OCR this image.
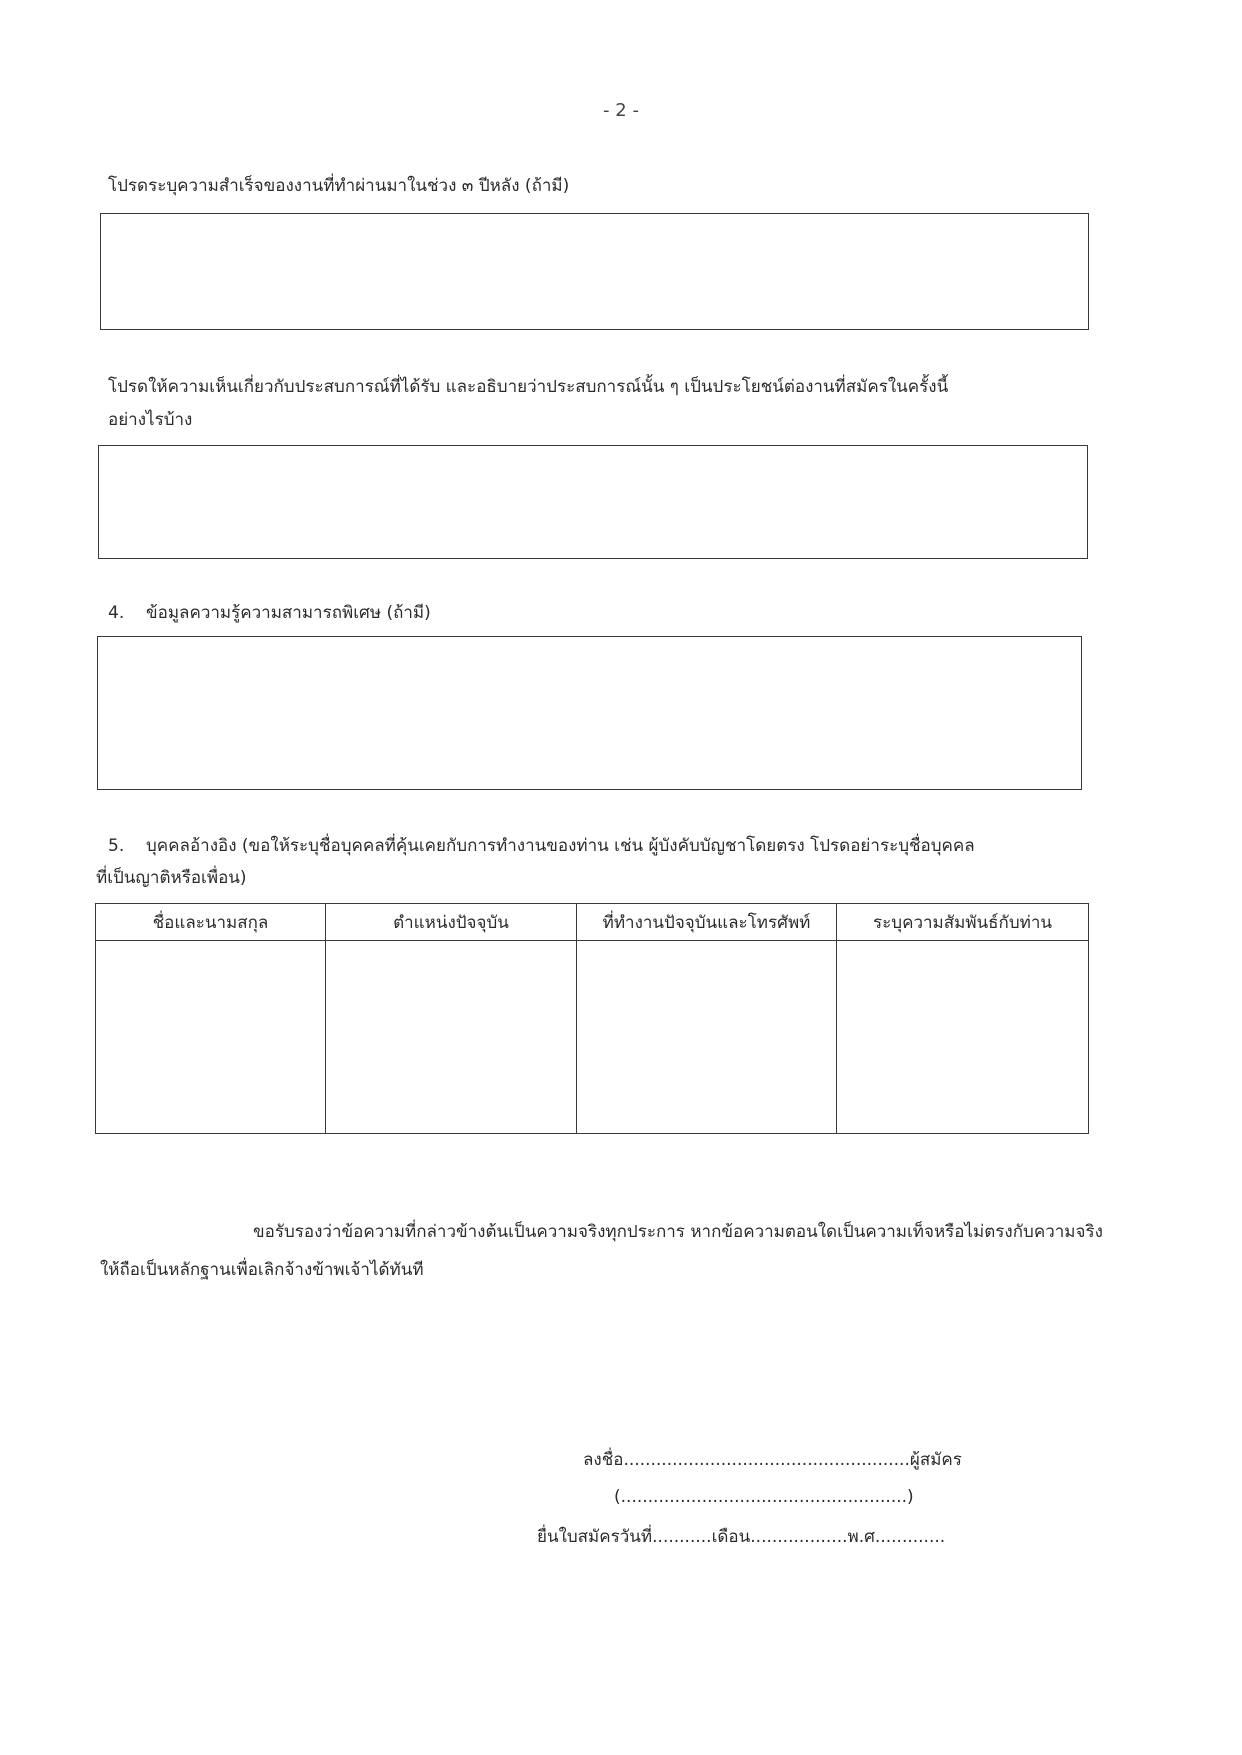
- 2 -
โปรดระบุความสำเร็จของงานที่ทำผ่านมาในช่วง ๓ ปีหลัง (ถ้ามี)
โปรดให้ความเห็นเกี่ยวกับประสบการณ์ที่ได้รับ และอธิบายว่าประสบการณ์นั้น ๆ เป็นประโยชน์ต่องานที่สมัครในครั้งนี้
อย่างไรบ้าง
4. ข้อมูลความรู้ความสามารถพิเศษ (ถ้ามี)
5. บุคคลอ้างอิง (ขอให้ระบุชื่อบุคคลที่คุ้นเคยกับการทำงานของท่าน เช่น ผู้บังคับบัญชาโดยตรง โปรดอย่าระบุชื่อบุคคล
ที่เป็นญาติหรือเพื่อน)
ชื่อและนามสกุล	ตำแหน่งปัจจุบัน	ที่ทำงานปัจจุบันและโทรศัพท์	ระบุความสัมพันธ์กับท่าน

ขอรับรองว่าข้อความที่กล่าวข้างต้นเป็นความจริงทุกประการ หากข้อความตอนใดเป็นความเท็จหรือไม่ตรงกับความจริง
ให้ถือเป็นหลักฐานเพื่อเลิกจ้างข้าพเจ้าได้ทันที
ลงชื่อ.....................................................ผู้สมัคร
(.....................................................)
ยื่นใบสมัครวันที่...........เดือน..................พ.ศ.............
